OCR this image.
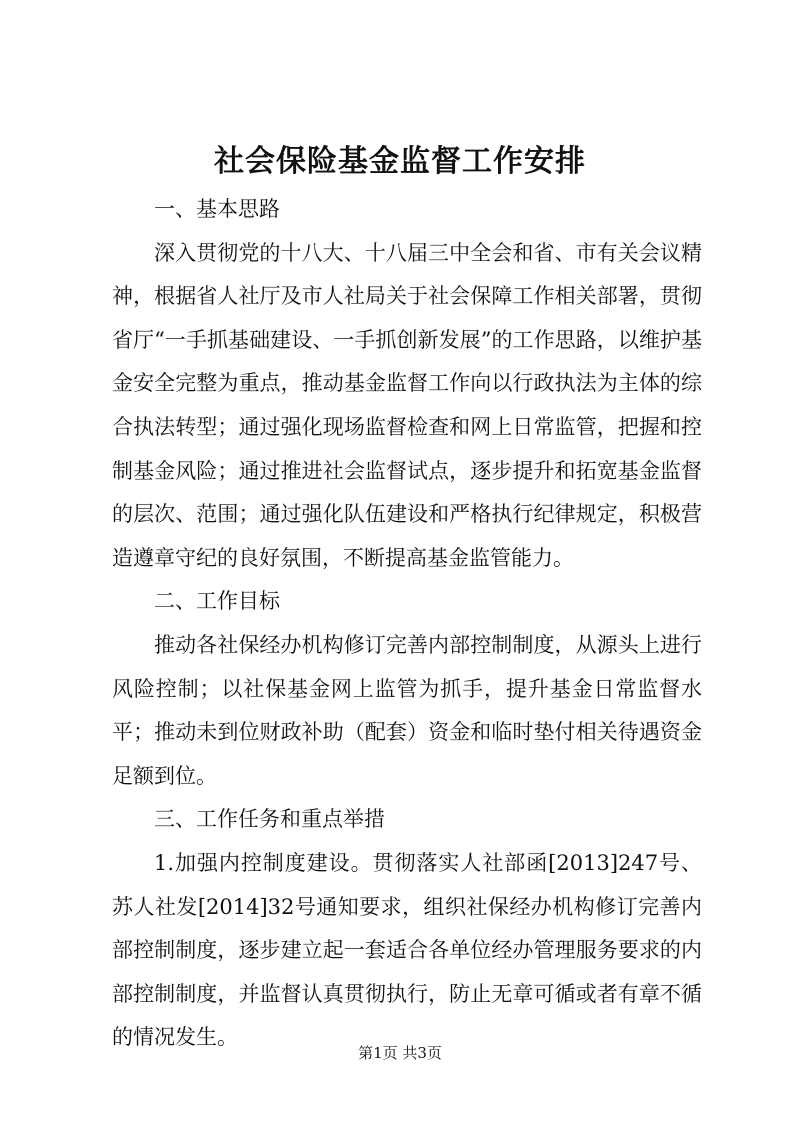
社会保险基金监督工作安排

一、基本思路

深入贯彻党的十八大、十八届三中全会和省、市有关会议精神，根据省人社厅及市人社局关于社会保障工作相关部署，贯彻省厅“一手抓基础建设、一手抓创新发展”的工作思路，以维护基金安全完整为重点，推动基金监督工作向以行政执法为主体的综合执法转型；通过强化现场监督检查和网上日常监管，把握和控制基金风险；通过推进社会监督试点，逐步提升和拓宽基金监督的层次、范围；通过强化队伍建设和严格执行纪律规定，积极营造遵章守纪的良好氛围，不断提高基金监管能力。

二、工作目标

推动各社保经办机构修订完善内部控制制度，从源头上进行风险控制；以社保基金网上监管为抓手，提升基金日常监督水平；推动未到位财政补助（配套）资金和临时垫付相关待遇资金足额到位。

三、工作任务和重点举措

1.加强内控制度建设。贯彻落实人社部函[2013]247号、苏人社发[2014]32号通知要求，组织社保经办机构修订完善内部控制制度，逐步建立起一套适合各单位经办管理服务要求的内部控制制度，并监督认真贯彻执行，防止无章可循或者有章不循的情况发生。

第1页 共3页
